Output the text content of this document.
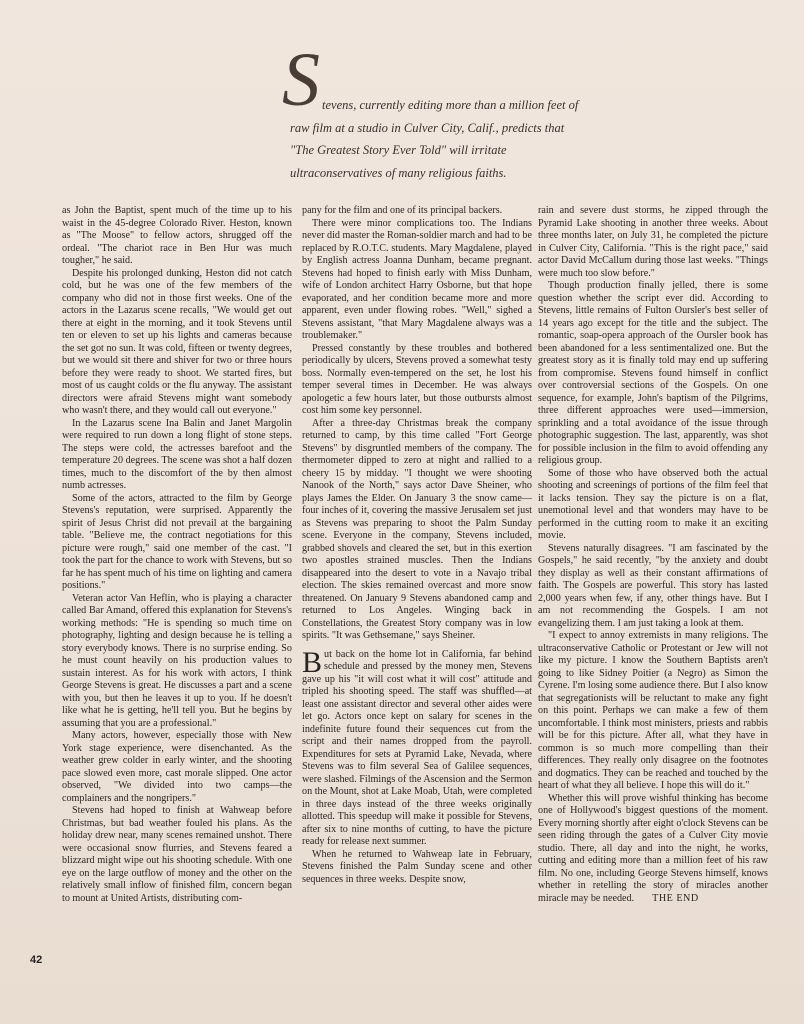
S tevens, currently editing more than a million feet of raw film at a studio in Culver City, Calif., predicts that "The Greatest Story Ever Told" will irritate ultraconservatives of many religious faiths.

as John the Baptist, spent much of the time up to his waist in the 45-degree Colorado River. Heston, known as "The Moose" to fellow actors, shrugged off the ordeal. "The chariot race in Ben Hur was much tougher," he said.

Despite his prolonged dunking, Heston did not catch cold, but he was one of the few members of the company who did not in those first weeks. One of the actors in the Lazarus scene recalls, "We would get out there at eight in the morning, and it took Stevens until ten or eleven to set up his lights and cameras because the set got no sun. It was cold, fifteen or twenty degrees, but we would sit there and shiver for two or three hours before they were ready to shoot. We started fires, but most of us caught colds or the flu anyway. The assistant directors were afraid Stevens might want somebody who wasn't there, and they would call out everyone."

In the Lazarus scene Ina Balin and Janet Margolin were required to run down a long flight of stone steps. The steps were cold, the actresses barefoot and the temperature 20 degrees. The scene was shot a half dozen times, much to the discomfort of the by then almost numb actresses.

Some of the actors, attracted to the film by George Stevens's reputation, were surprised. Apparently the spirit of Jesus Christ did not prevail at the bargaining table. "Believe me, the contract negotiations for this picture were rough," said one member of the cast. "I took the part for the chance to work with Stevens, but so far he has spent much of his time on lighting and camera positions."

Veteran actor Van Heflin, who is playing a character called Bar Amand, offered this explanation for Stevens's working methods: "He is spending so much time on photography, lighting and design because he is telling a story everybody knows. There is no surprise ending. So he must count heavily on his production values to sustain interest. As for his work with actors, I think George Stevens is great. He discusses a part and a scene with you, but then he leaves it up to you. If he doesn't like what he is getting, he'll tell you. But he begins by assuming that you are a professional."

Many actors, however, especially those with New York stage experience, were disenchanted. As the weather grew colder in early winter, and the shooting pace slowed even more, cast morale slipped. One actor observed, "We divided into two camps—the complainers and the nongripers."

Stevens had hoped to finish at Wahweap before Christmas, but bad weather fouled his plans. As the holiday drew near, many scenes remained unshot. There were occasional snow flurries, and Stevens feared a blizzard might wipe out his shooting schedule. With one eye on the large outflow of money and the other on the relatively small inflow of finished film, concern began to mount at United Artists, distributing com-

pany for the film and one of its principal backers.

There were minor complications too. The Indians never did master the Roman-soldier march and had to be replaced by R.O.T.C. students. Mary Magdalene, played by English actress Joanna Dunham, became pregnant. Stevens had hoped to finish early with Miss Dunham, wife of London architect Harry Osborne, but that hope evaporated, and her condition became more and more apparent, even under flowing robes. "Well," sighed a Stevens assistant, "that Mary Magdalene always was a troublemaker."

Pressed constantly by these troubles and bothered periodically by ulcers, Stevens proved a somewhat testy boss. Normally even-tempered on the set, he lost his temper several times in December. He was always apologetic a few hours later, but those outbursts almost cost him some key personnel.

After a three-day Christmas break the company returned to camp, by this time called "Fort George Stevens" by disgruntled members of the company. The thermometer dipped to zero at night and rallied to a cheery 15 by midday. "I thought we were shooting Nanook of the North," says actor Dave Sheiner, who plays James the Elder. On January 3 the snow came—four inches of it, covering the massive Jerusalem set just as Stevens was preparing to shoot the Palm Sunday scene. Everyone in the company, Stevens included, grabbed shovels and cleared the set, but in this exertion two apostles strained muscles. Then the Indians disappeared into the desert to vote in a Navajo tribal election. The skies remained overcast and more snow threatened. On January 9 Stevens abandoned camp and returned to Los Angeles. Winging back in Constellations, the Greatest Story company was in low spirits. "It was Gethsemane," says Sheiner.

But back on the home lot in California, far behind schedule and pressed by the money men, Stevens gave up his "it will cost what it will cost" attitude and tripled his shooting speed. The staff was shuffled—at least one assistant director and several other aides were let go. Actors once kept on salary for scenes in the indefinite future found their sequences cut from the script and their names dropped from the payroll. Expenditures for sets at Pyramid Lake, Nevada, where Stevens was to film several Sea of Galilee sequences, were slashed. Filmings of the Ascension and the Sermon on the Mount, shot at Lake Moab, Utah, were completed in three days instead of the three weeks originally allotted. This speedup will make it possible for Stevens, after six to nine months of cutting, to have the picture ready for release next summer.

When he returned to Wahweap late in February, Stevens finished the Palm Sunday scene and other sequences in three weeks. Despite snow,

rain and severe dust storms, he zipped through the Pyramid Lake shooting in another three weeks. About three months later, on July 31, he completed the picture in Culver City, California. "This is the right pace," said actor David McCallum during those last weeks. "Things were much too slow before."

Though production finally jelled, there is some question whether the script ever did. According to Stevens, little remains of Fulton Oursler's best seller of 14 years ago except for the title and the subject. The romantic, soap-opera approach of the Oursler book has been abandoned for a less sentimentalized one. But the greatest story as it is finally told may end up suffering from compromise. Stevens found himself in conflict over controversial sections of the Gospels. On one sequence, for example, John's baptism of the Pilgrims, three different approaches were used—immersion, sprinkling and a total avoidance of the issue through photographic suggestion. The last, apparently, was shot for possible inclusion in the film to avoid offending any religious group.

Some of those who have observed both the actual shooting and screenings of portions of the film feel that it lacks tension. They say the picture is on a flat, unemotional level and that wonders may have to be performed in the cutting room to make it an exciting movie.

Stevens naturally disagrees. "I am fascinated by the Gospels," he said recently, "by the anxiety and doubt they display as well as their constant affirmations of faith. The Gospels are powerful. This story has lasted 2,000 years when few, if any, other things have. But I am not recommending the Gospels. I am not evangelizing them. I am just taking a look at them.

"I expect to annoy extremists in many religions. The ultraconservative Catholic or Protestant or Jew will not like my picture. I know the Southern Baptists aren't going to like Sidney Poitier (a Negro) as Simon the Cyrene. I'm losing some audience there. But I also know that segregationists will be reluctant to make any fight on this point. Perhaps we can make a few of them uncomfortable. I think most ministers, priests and rabbis will be for this picture. After all, what they have in common is so much more compelling than their differences. They really only disagree on the footnotes and dogmatics. They can be reached and touched by the heart of what they all believe. I hope this will do it."

Whether this will prove wishful thinking has become one of Hollywood's biggest questions of the moment. Every morning shortly after eight o'clock Stevens can be seen riding through the gates of a Culver City movie studio. There, all day and into the night, he works, cutting and editing more than a million feet of his raw film. No one, including George Stevens himself, knows whether in retelling the story of miracles another miracle may be needed. THE END

42
